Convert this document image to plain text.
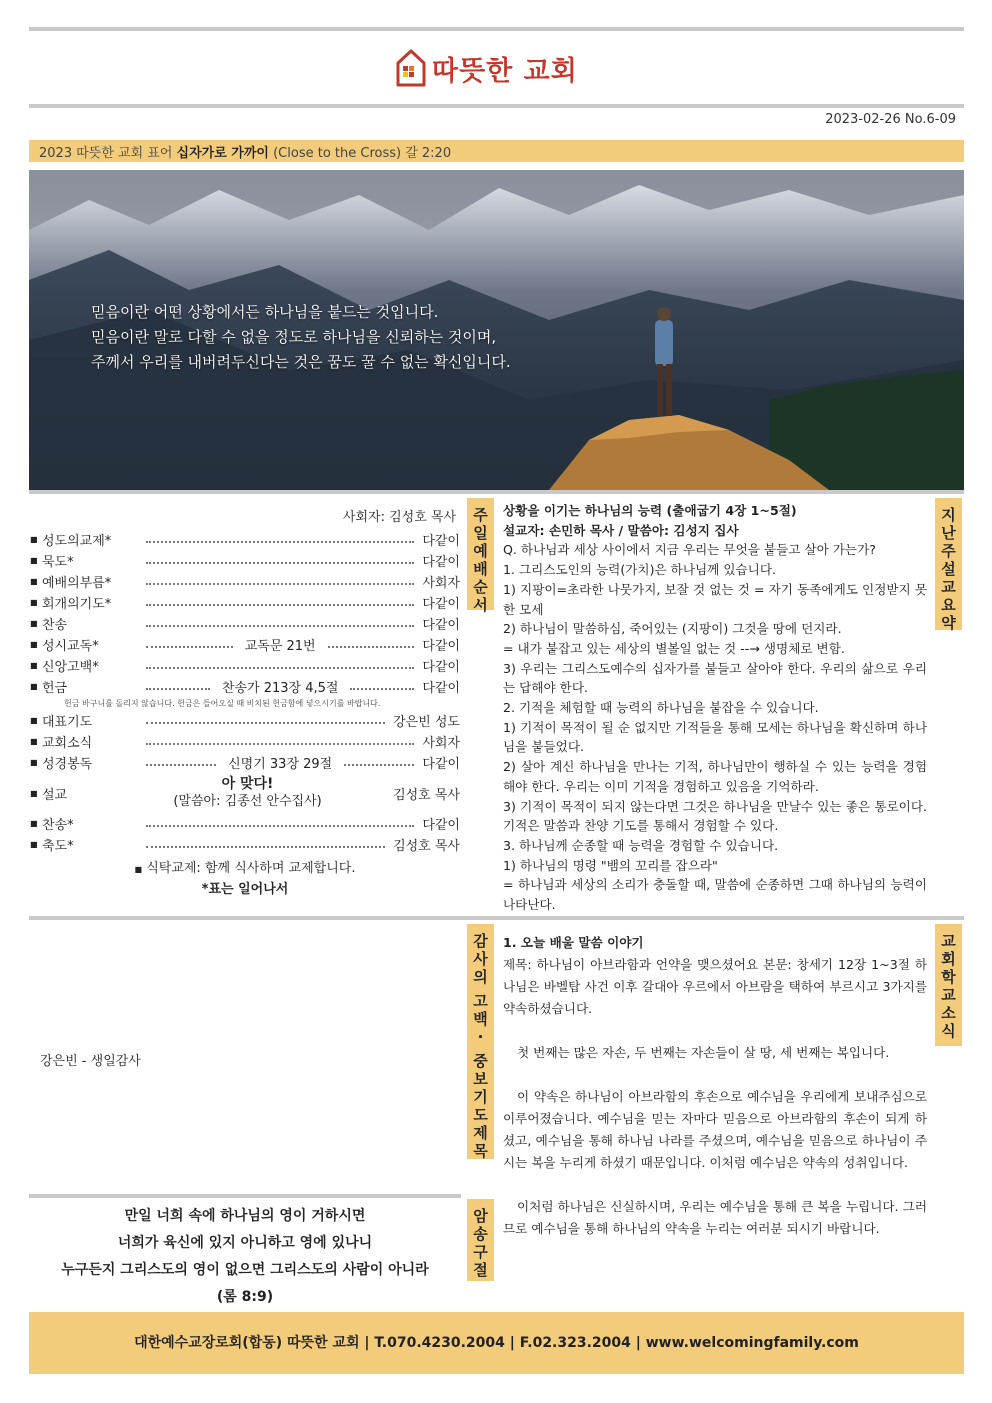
따뜻한 교회
2023-02-26 No.6-09
2023 따뜻한 교회 표어 십자가로 가까이 (Close to the Cross) 갈 2:20
믿음이란 어떤 상황에서든 하나님을 붙드는 것입니다.
믿음이란 말로 다할 수 없을 정도로 하나님을 신뢰하는 것이며,
주께서 우리를 내버려두신다는 것은 꿈도 꿀 수 없는 확신입니다.
사회자: 김성호 목사
■ 성도의교제*	다같이
■ 묵도*	다같이
■ 예배의부름*	사회자
■ 회개의기도*	다같이
■ 찬송	다같이
■ 성시교독*	교독문 21번	다같이
■ 신앙고백*	다같이
■ 헌금	찬송가 213장 4,5절	다같이
헌금 바구니를 돌리지 않습니다. 헌금은 들어오실 때 비치된 헌금함에 넣으시기를 바랍니다.
■ 대표기도	강은빈 성도
■ 교회소식	사회자
■ 성경봉독	신명기 33장 29절	다같이
■ 설교
아 맞다!
(말씀아: 김종선 안수집사)	김성호 목사
■ 찬송*	다같이
■ 축도*	김성호 목사
■ 식탁교제: 함께 식사하며 교제합니다.
*표는 일어나서
주
일
예
배
순
서
상황을 이기는 하나님의 능력 (출애굽기 4장 1~5절)
설교자: 손민하 목사 / 말씀아: 김성지 집사
Q. 하나님과 세상 사이에서 지금 우리는 무엇을 붙들고 살아 가는가?
1. 그리스도인의 능력(가치)은 하나님께 있습니다.
1) 지팡이=초라한 나뭇가지, 보잘 것 없는 것 = 자기 동족에게도 인정받지 못한 모세
2) 하나님이 말씀하심, 죽어있는 (지팡이) 그것을 땅에 던지라.
= 내가 붙잡고 있는 세상의 별볼일 없는 것 --→ 생명체로 변함.
3) 우리는 그리스도예수의 십자가를 붙들고 살아야 한다. 우리의 삶으로 우리는 답해야 한다.
2. 기적을 체험할 때 능력의 하나님을 붙잡을 수 있습니다.
1) 기적이 목적이 될 순 없지만 기적들을 통해 모세는 하나님을 확신하며 하나님을 붙들었다.
2) 살아 계신 하나님을 만나는 기적, 하나님만이 행하실 수 있는 능력을 경험해야 한다. 우리는 이미 기적을 경험하고 있음을 기억하라.
3) 기적이 목적이 되지 않는다면 그것은 하나님을 만날수 있는 좋은 통로이다. 기적은 말씀과 찬양 기도를 통해서 경험할 수 있다.
3. 하나님께 순종할 때 능력을 경험할 수 있습니다.
1) 하나님의 명령 "뱀의 꼬리를 잡으라"
= 하나님과 세상의 소리가 충돌할 때, 말씀에 순종하면 그때 하나님의 능력이 나타난다.
지
난
주
설
교
요
약
강은빈 - 생일감사
감
사
의
고
백
·
중
보
기
도
제
목
1. 오늘 배울 말씀 이야기

제목: 하나님이 아브라함과 언약을 맺으셨어요 본문: 창세기 12장 1~3절 하나님은 바벨탑 사건 이후 갈대아 우르에서 아브람을 택하여 부르시고 3가지를 약속하셨습니다.

첫 번째는 많은 자손, 두 번째는 자손들이 살 땅, 세 번째는 복입니다.

이 약속은 하나님이 아브라함의 후손으로 예수님을 우리에게 보내주심으로 이루어졌습니다. 예수님을 믿는 자마다 믿음으로 아브라함의 후손이 되게 하셨고, 예수님을 통해 하나님 나라를 주셨으며, 예수님을 믿음으로 하나님이 주시는 복을 누리게 하셨기 때문입니다. 이처럼 예수님은 약속의 성취입니다.

이처럼 하나님은 신실하시며, 우리는 예수님을 통해 큰 복을 누립니다. 그러므로 예수님을 통해 하나님의 약속을 누리는 여러분 되시기 바랍니다.

교
회
학
교
소
식
만일 너희 속에 하나님의 영이 거하시면
너희가 육신에 있지 아니하고 영에 있나니
누구든지 그리스도의 영이 없으면 그리스도의 사람이 아니라
(롬 8:9)
암
송
구
절
대한예수교장로회(합동) 따뜻한 교회 | T.070.4230.2004 | F.02.323.2004 | www.welcomingfamily.com
